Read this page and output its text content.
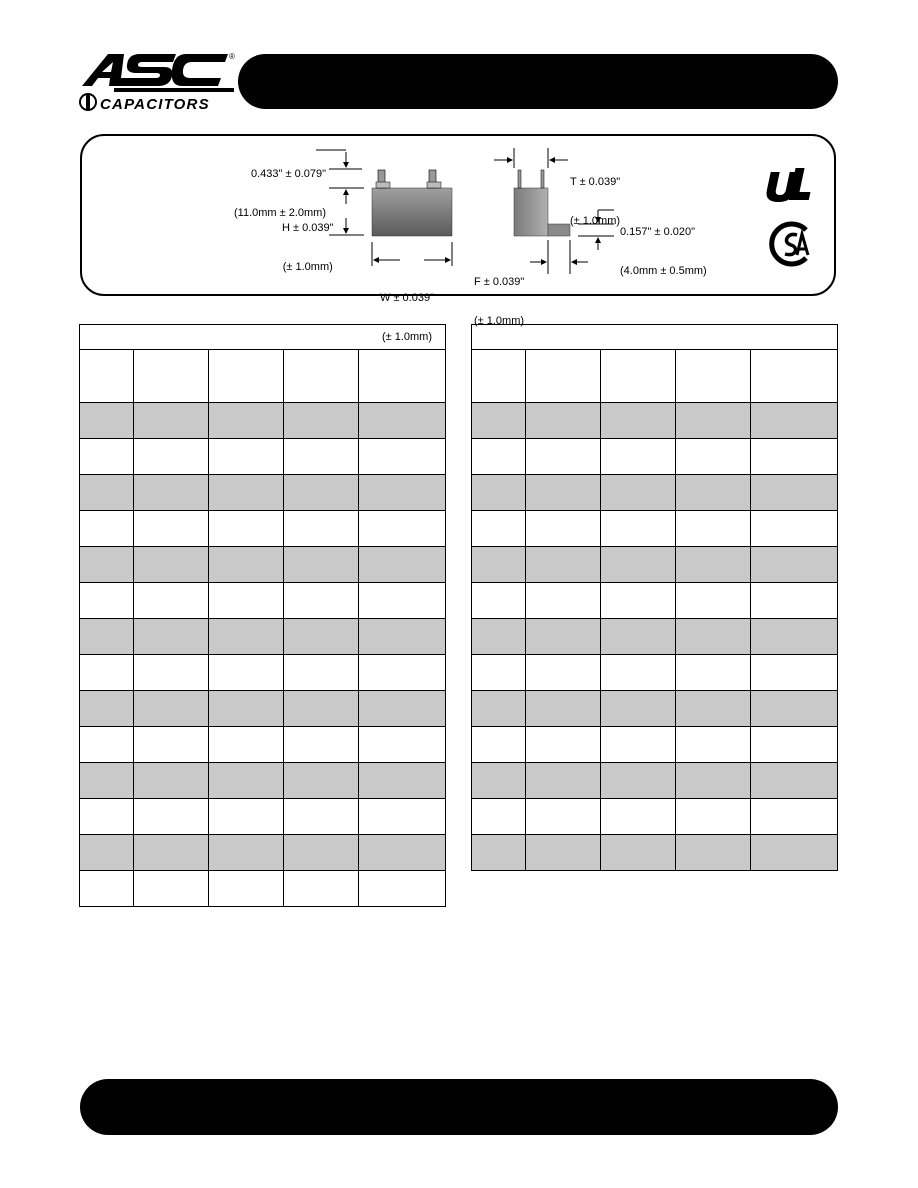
CAPACITORS
®

0.433" ± 0.079"

(11.0mm ± 2.0mm)

H ± 0.039"

(± 1.0mm)

W ± 0.039"

(± 1.0mm)

T ± 0.039"

(± 1.0mm)

0.157" ± 0.020"

(4.0mm ± 0.5mm)

F ± 0.039"

(± 1.0mm)
